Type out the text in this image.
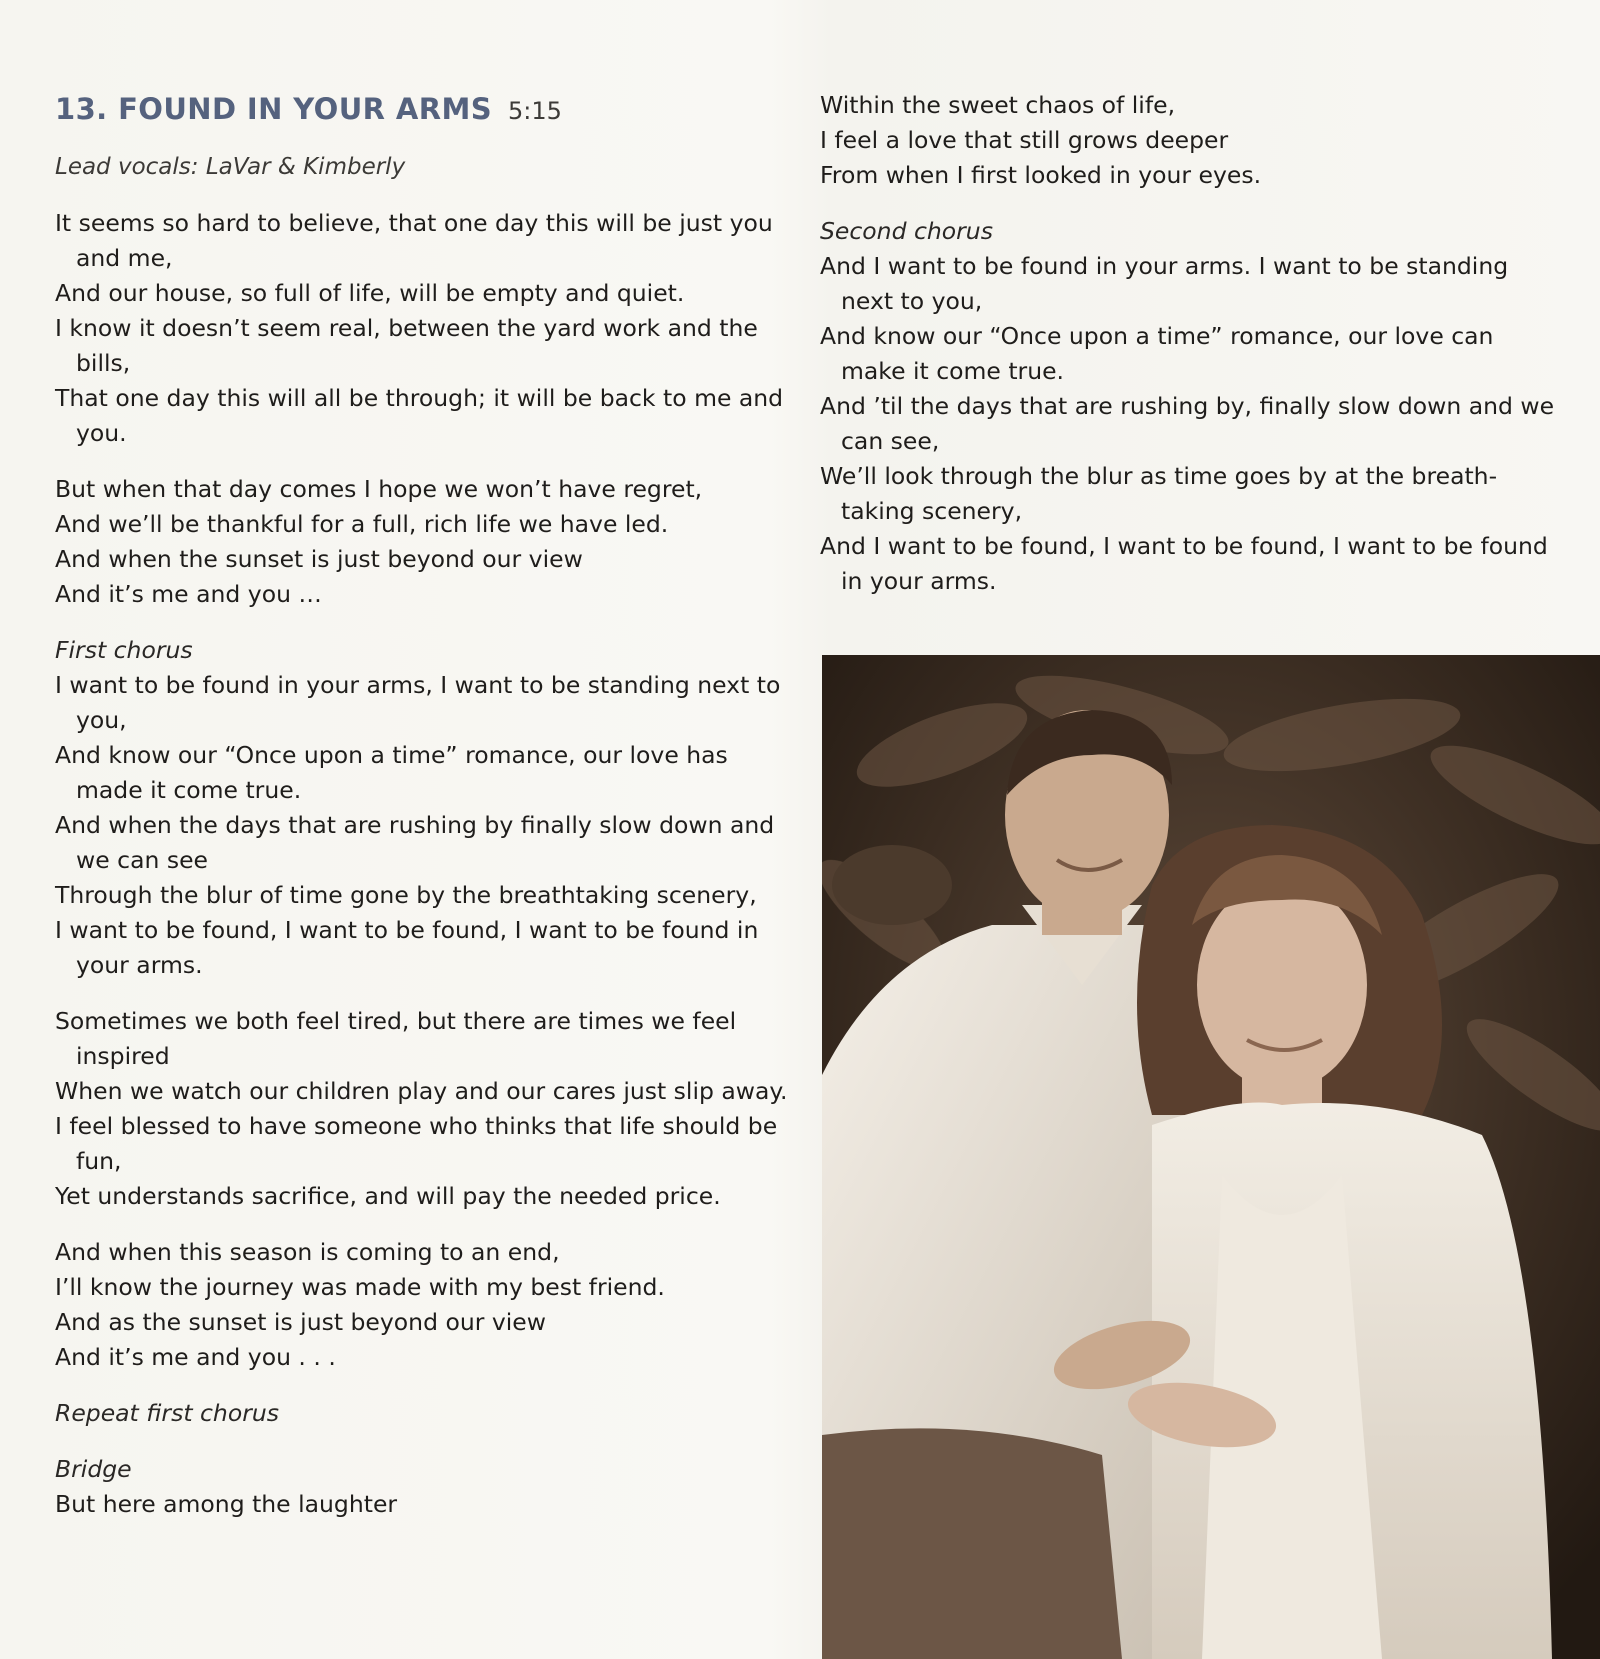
13. FOUND IN YOUR ARMS 5:15
Lead vocals: LaVar & Kimberly
It seems so hard to believe, that one day this will be just you and me,
And our house, so full of life, will be empty and quiet.
I know it doesn’t seem real, between the yard work and the bills,
That one day this will all be through; it will be back to me and you.
But when that day comes I hope we won’t have regret,
And we’ll be thankful for a full, rich life we have led.
And when the sunset is just beyond our view
And it’s me and you …
First chorus
I want to be found in your arms, I want to be standing next to you,
And know our “Once upon a time” romance, our love has made it come true.
And when the days that are rushing by finally slow down and we can see
Through the blur of time gone by the breathtaking scenery,
I want to be found, I want to be found, I want to be found in your arms.
Sometimes we both feel tired, but there are times we feel inspired
When we watch our children play and our cares just slip away.
I feel blessed to have someone who thinks that life should be fun,
Yet understands sacrifice, and will pay the needed price.
And when this season is coming to an end,
I’ll know the journey was made with my best friend.
And as the sunset is just beyond our view
And it’s me and you . . .
Repeat first chorus
Bridge
But here among the laughter
Within the sweet chaos of life,
I feel a love that still grows deeper
From when I first looked in your eyes.
Second chorus
And I want to be found in your arms. I want to be standing next to you,
And know our “Once upon a time” romance, our love can make it come true.
And ’til the days that are rushing by, finally slow down and we can see,
We’ll look through the blur as time goes by at the breath-taking scenery,
And I want to be found, I want to be found, I want to be found in your arms.
